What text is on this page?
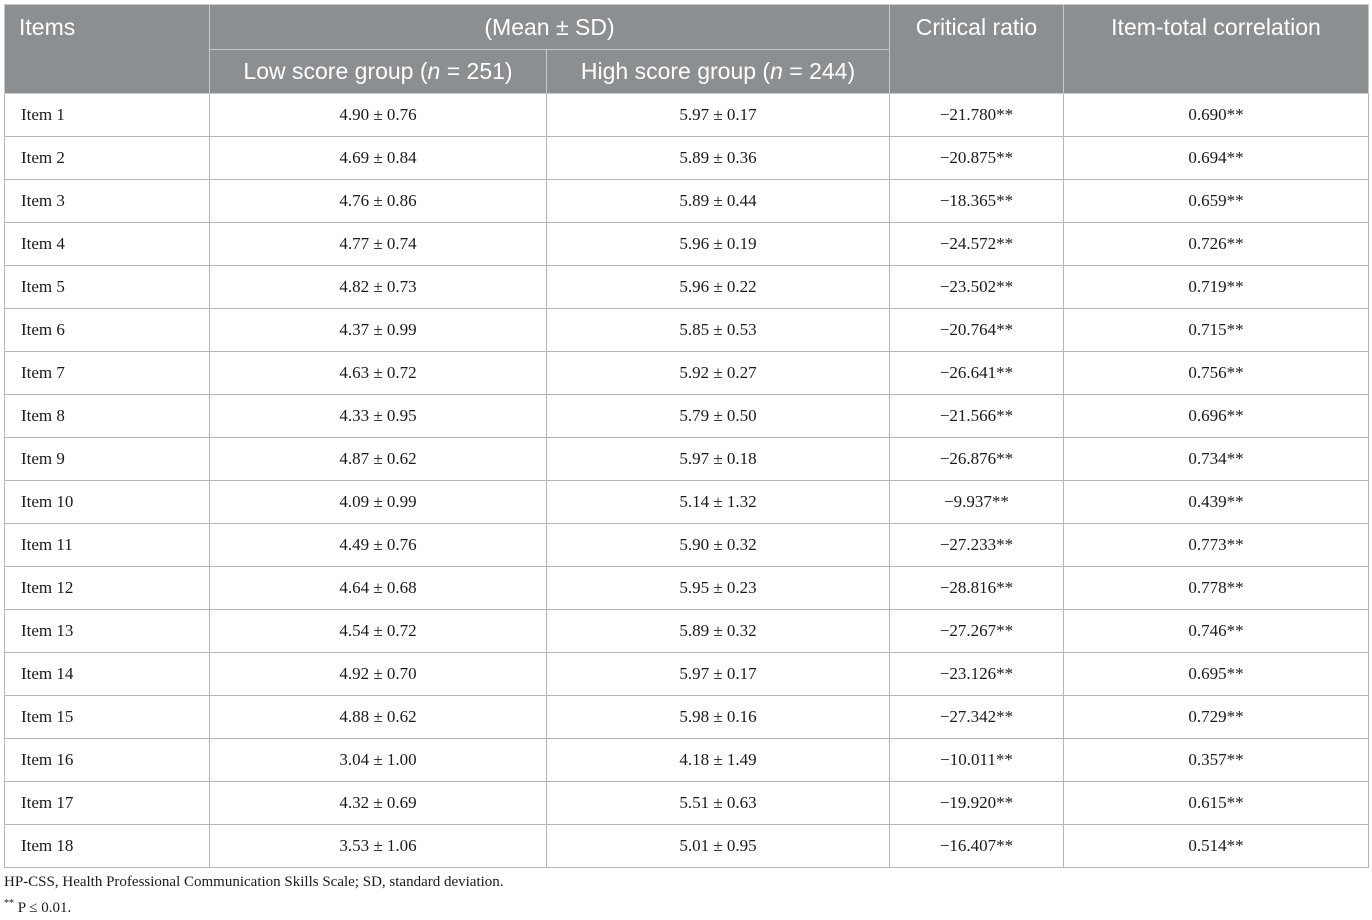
Items	(Mean ± SD)		Critical ratio	Item-total correlation
	Low score group (n = 251)	High score group (n = 244)		
Item 1	4.90 ± 0.76	5.97 ± 0.17	−21.780**	0.690**
Item 2	4.69 ± 0.84	5.89 ± 0.36	−20.875**	0.694**
Item 3	4.76 ± 0.86	5.89 ± 0.44	−18.365**	0.659**
Item 4	4.77 ± 0.74	5.96 ± 0.19	−24.572**	0.726**
Item 5	4.82 ± 0.73	5.96 ± 0.22	−23.502**	0.719**
Item 6	4.37 ± 0.99	5.85 ± 0.53	−20.764**	0.715**
Item 7	4.63 ± 0.72	5.92 ± 0.27	−26.641**	0.756**
Item 8	4.33 ± 0.95	5.79 ± 0.50	−21.566**	0.696**
Item 9	4.87 ± 0.62	5.97 ± 0.18	−26.876**	0.734**
Item 10	4.09 ± 0.99	5.14 ± 1.32	−9.937**	0.439**
Item 11	4.49 ± 0.76	5.90 ± 0.32	−27.233**	0.773**
Item 12	4.64 ± 0.68	5.95 ± 0.23	−28.816**	0.778**
Item 13	4.54 ± 0.72	5.89 ± 0.32	−27.267**	0.746**
Item 14	4.92 ± 0.70	5.97 ± 0.17	−23.126**	0.695**
Item 15	4.88 ± 0.62	5.98 ± 0.16	−27.342**	0.729**
Item 16	3.04 ± 1.00	4.18 ± 1.49	−10.011**	0.357**
Item 17	4.32 ± 0.69	5.51 ± 0.63	−19.920**	0.615**
Item 18	3.53 ± 1.06	5.01 ± 0.95	−16.407**	0.514**
HP-CSS, Health Professional Communication Skills Scale; SD, standard deviation.
** P ≤ 0.01.
